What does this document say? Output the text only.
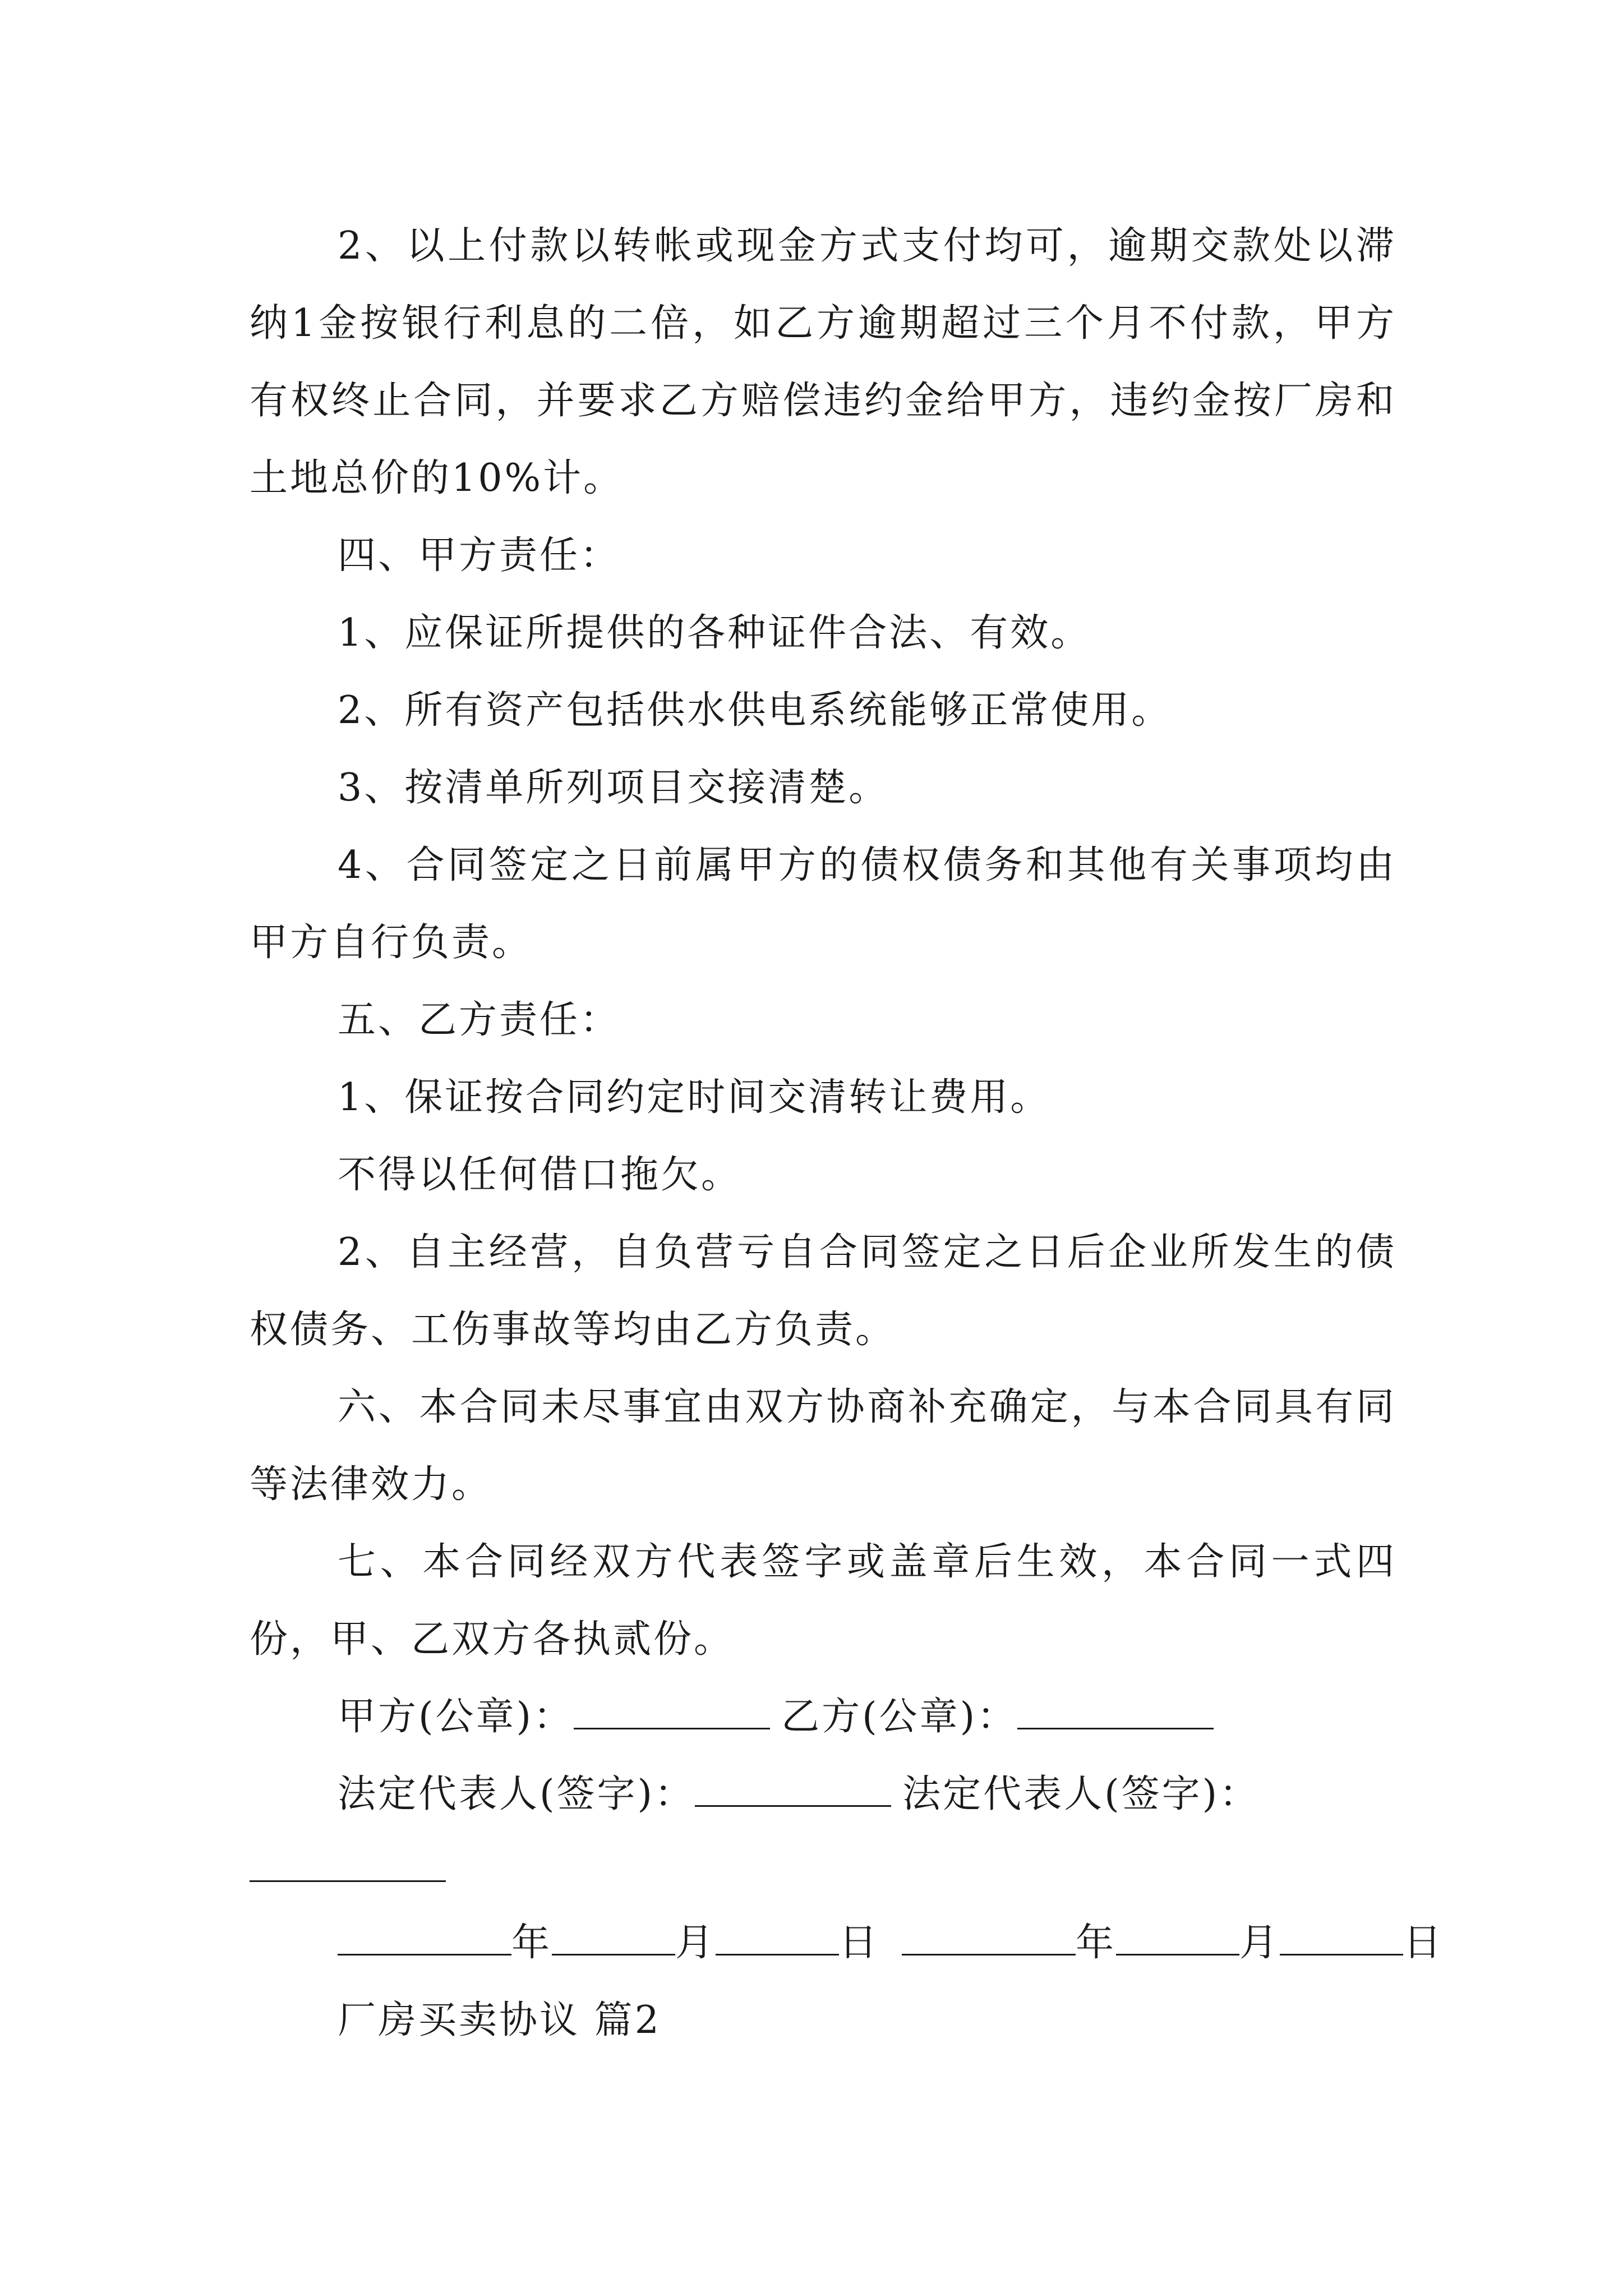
2、以上付款以转帐或现金方式支付均可，逾期交款处以滞纳1金按银行利息的二倍，如乙方逾期超过三个月不付款，甲方有权终止合同，并要求乙方赔偿违约金给甲方，违约金按厂房和土地总价的10%计。

四、甲方责任：

1、应保证所提供的各种证件合法、有效。

2、所有资产包括供水供电系统能够正常使用。

3、按清单所列项目交接清楚。

4、合同签定之日前属甲方的债权债务和其他有关事项均由甲方自行负责。

五、乙方责任：

1、保证按合同约定时间交清转让费用。

不得以任何借口拖欠。

2、自主经营，自负营亏自合同签定之日后企业所发生的债权债务、工伤事故等均由乙方负责。

六、本合同未尽事宜由双方协商补充确定，与本合同具有同等法律效力。

七、本合同经双方代表签字或盖章后生效，本合同一式四份，甲、乙双方各执贰份。

甲方(公章)：	乙方(公章)：

法定代表人(签字)：	法定代表人(签字)：

年	月	日	年	月	日
厂房买卖协议 篇2
